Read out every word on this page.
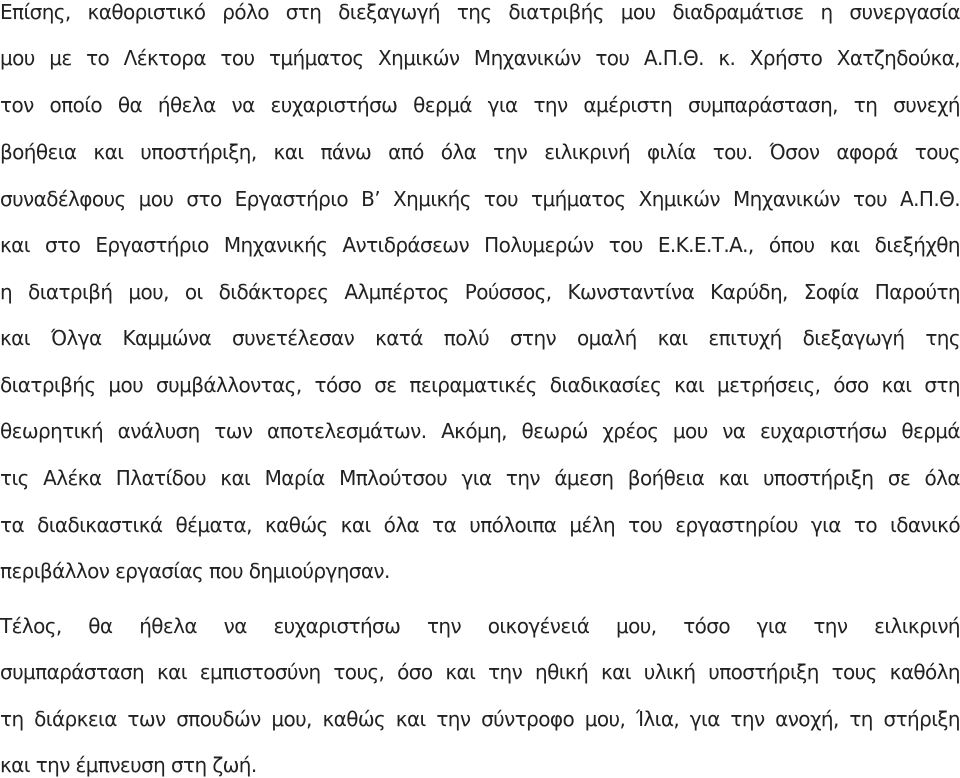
Επίσης, καθοριστικό ρόλο στη διεξαγωγή της διατριβής μου διαδραμάτισε η συνεργασία

μου με το Λέκτορα του τμήματος Χημικών Μηχανικών του Α.Π.Θ. κ. Χρήστο Χατζηδούκα,

τον οποίο θα ήθελα να ευχαριστήσω θερμά για την αμέριστη συμπαράσταση, τη συνεχή

βοήθεια και υποστήριξη, και πάνω από όλα την ειλικρινή φιλία του. Όσον αφορά τους

συναδέλφους μου στο Εργαστήριο Β’ Χημικής του τμήματος Χημικών Μηχανικών του Α.Π.Θ.

και στο Εργαστήριο Μηχανικής Αντιδράσεων Πολυμερών του Ε.Κ.Ε.Τ.Α., όπου και διεξήχθη

η διατριβή μου, οι διδάκτορες Αλμπέρτος Ρούσσος, Κωνσταντίνα Καρύδη, Σοφία Παρούτη

και Όλγα Καμμώνα συνετέλεσαν κατά πολύ στην ομαλή και επιτυχή διεξαγωγή της

διατριβής μου συμβάλλοντας, τόσο σε πειραματικές διαδικασίες και μετρήσεις, όσο και στη

θεωρητική ανάλυση των αποτελεσμάτων. Ακόμη, θεωρώ χρέος μου να ευχαριστήσω θερμά

τις Αλέκα Πλατίδου και Μαρία Μπλούτσου για την άμεση βοήθεια και υποστήριξη σε όλα

τα διαδικαστικά θέματα, καθώς και όλα τα υπόλοιπα μέλη του εργαστηρίου για το ιδανικό

περιβάλλον εργασίας που δημιούργησαν.

Τέλος, θα ήθελα να ευχαριστήσω την οικογένειά μου, τόσο για την ειλικρινή

συμπαράσταση και εμπιστοσύνη τους, όσο και την ηθική και υλική υποστήριξη τους καθόλη

τη διάρκεια των σπουδών μου, καθώς και την σύντροφο μου, Ίλια, για την ανοχή, τη στήριξη

και την έμπνευση στη ζωή.
